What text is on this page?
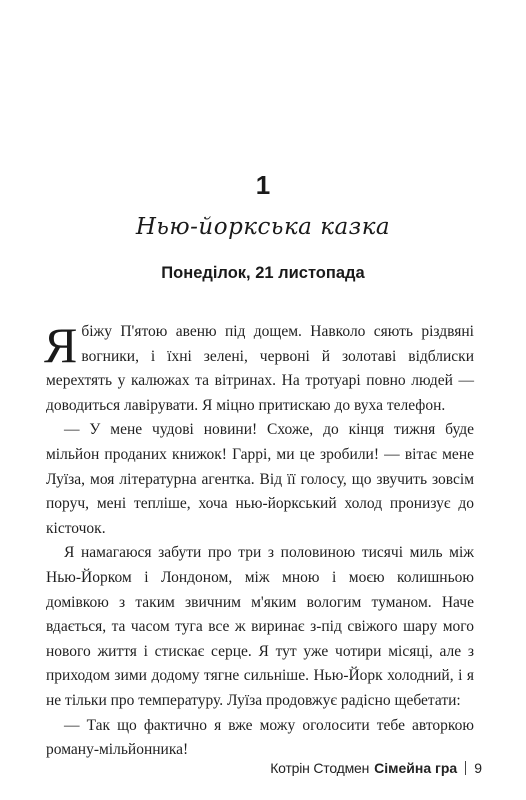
1
Нью-йоркська казка
Понеділок, 21 листопада

Я біжу П'ятою авеню під дощем. Навколо сяють різдвяні вогники, і їхні зелені, червоні й золотаві відблиски мерехтять у калюжах та вітринах. На тротуарі повно людей — доводиться лавірувати. Я міцно притискаю до вуха телефон.

— У мене чудові новини! Схоже, до кінця тижня буде мільйон проданих книжок! Гаррі, ми це зробили! — вітає мене Луїза, моя літературна агентка. Від її голосу, що звучить зовсім поруч, мені тепліше, хоча нью-йоркський холод пронизує до кісточок.

Я намагаюся забути про три з половиною тисячі миль між Нью-Йорком і Лондоном, між мною і моєю колишньою домівкою з таким звичним м'яким вологим туманом. Наче вдається, та часом туга все ж виринає з-під свіжого шару мого нового життя і стискає серце. Я тут уже чотири місяці, але з приходом зими додому тягне сильніше. Нью-Йорк холодний, і я не тільки про температуру. Луїза продовжує радісно щебетати:

— Так що фактично я вже можу оголосити тебе авторкою роману-мільйонника!

Котрін Стодмен Сімейна гра 9
